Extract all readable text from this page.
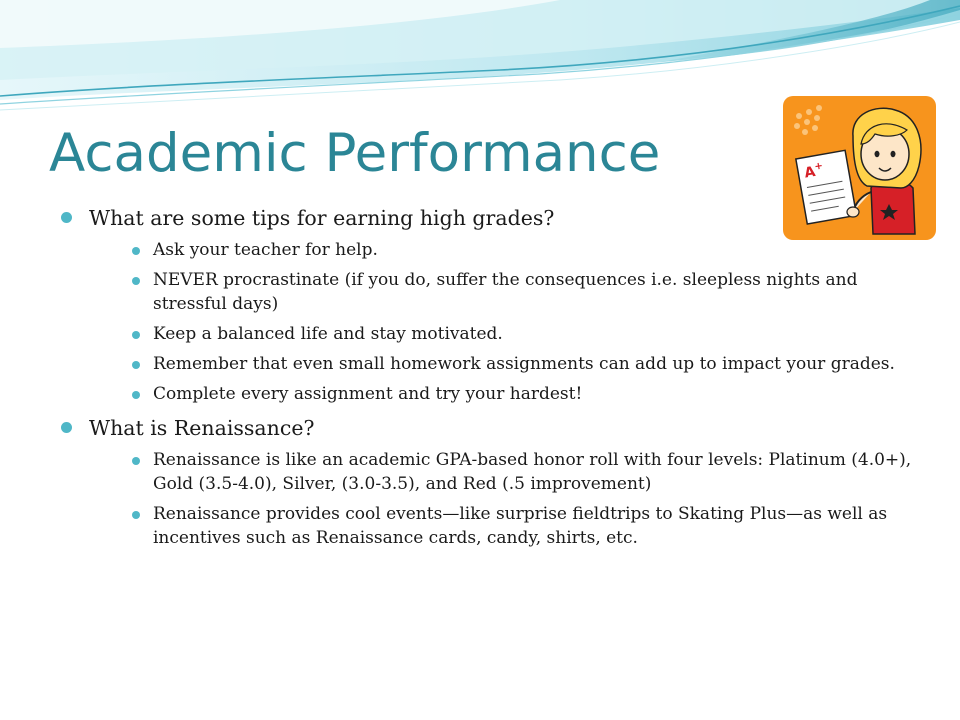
Academic Performance	A
+
What are some tips for earning high grades?
Ask your teacher for help.
NEVER procrastinate (if you do, suffer the consequences i.e. sleepless nights and stressful days)
Keep a balanced life and stay motivated.
Remember that even small homework assignments can add up to impact your grades.
Complete every assignment and try your hardest!
What is Renaissance?
Renaissance is like an academic GPA-based honor roll with four levels: Platinum (4.0+), Gold (3.5-4.0), Silver, (3.0-3.5), and Red (.5 improvement)
Renaissance provides cool events—like surprise fieldtrips to Skating Plus—as well as incentives such as Renaissance cards, candy, shirts, etc.
